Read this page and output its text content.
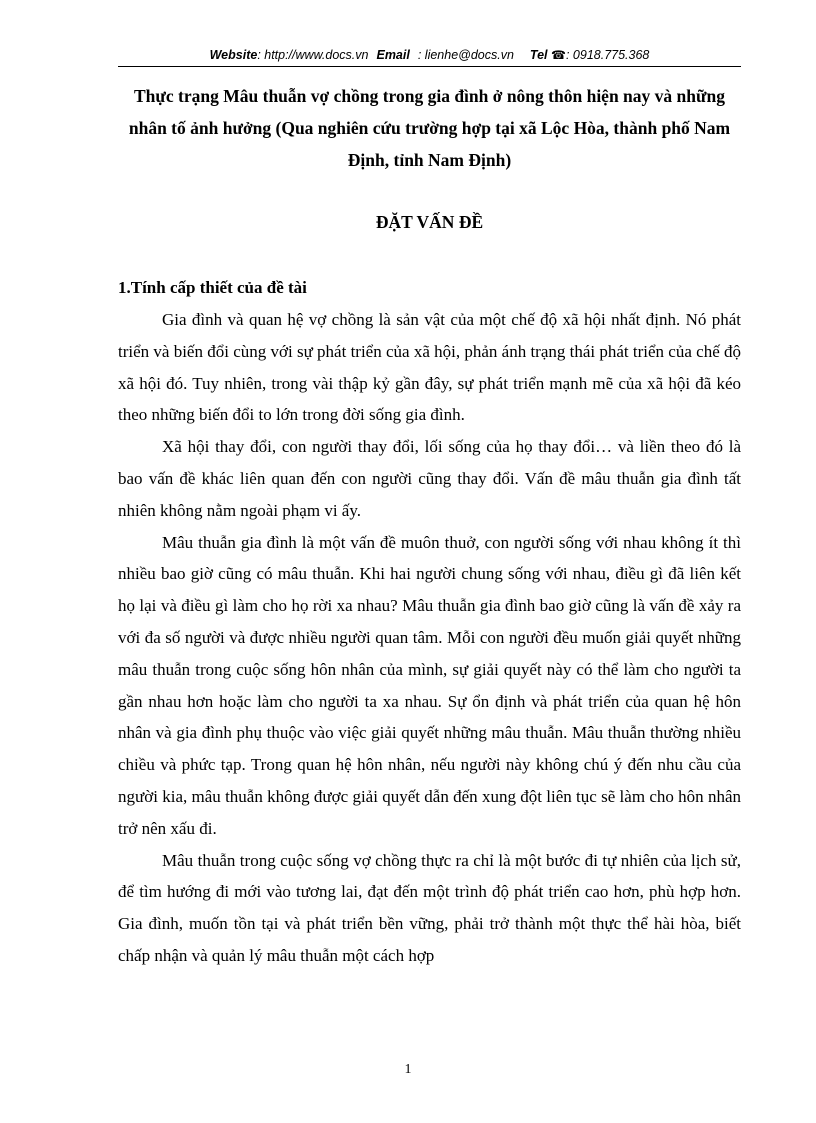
Website: http://www.docs.vn Email : lienhe@docs.vn Tel ☎: 0918.775.368
Thực trạng Mâu thuẫn vợ chồng trong gia đình ở nông thôn hiện nay và những nhân tố ảnh hưởng (Qua nghiên cứu trường hợp tại xã Lộc Hòa, thành phố Nam Định, tỉnh Nam Định)
ĐẶT VẤN ĐỀ
1.Tính cấp thiết của đề tài

Gia đình và quan hệ vợ chồng là sản vật của một chế độ xã hội nhất định. Nó phát triển và biến đổi cùng với sự phát triển của xã hội, phản ánh trạng thái phát triển của chế độ xã hội đó. Tuy nhiên, trong vài thập kỷ gần đây, sự phát triển mạnh mẽ của xã hội đã kéo theo những biến đổi to lớn trong đời sống gia đình.

Xã hội thay đổi, con người thay đổi, lối sống của họ thay đổi… và liền theo đó là bao vấn đề khác liên quan đến con người cũng thay đổi. Vấn đề mâu thuẫn gia đình tất nhiên không nằm ngoài phạm vi ấy.

Mâu thuẫn gia đình là một vấn đề muôn thuở, con người sống với nhau không ít thì nhiều bao giờ cũng có mâu thuẫn. Khi hai người chung sống với nhau, điều gì đã liên kết họ lại và điều gì làm cho họ rời xa nhau? Mâu thuẫn gia đình bao giờ cũng là vấn đề xảy ra với đa số người và được nhiều người quan tâm. Mỗi con người đều muốn giải quyết những mâu thuẫn trong cuộc sống hôn nhân của mình, sự giải quyết này có thể làm cho người ta gần nhau hơn hoặc làm cho người ta xa nhau. Sự ổn định và phát triển của quan hệ hôn nhân và gia đình phụ thuộc vào việc giải quyết những mâu thuẫn. Mâu thuẫn thường nhiều chiều và phức tạp. Trong quan hệ hôn nhân, nếu người này không chú ý đến nhu cầu của người kia, mâu thuẫn không được giải quyết dẫn đến xung đột liên tục sẽ làm cho hôn nhân trở nên xấu đi.

Mâu thuẫn trong cuộc sống vợ chồng thực ra chỉ là một bước đi tự nhiên của lịch sử, để tìm hướng đi mới vào tương lai, đạt đến một trình độ phát triển cao hơn, phù hợp hơn. Gia đình, muốn tồn tại và phát triển bền vững, phải trở thành một thực thể hài hòa, biết chấp nhận và quản lý mâu thuẫn một cách hợp

1
